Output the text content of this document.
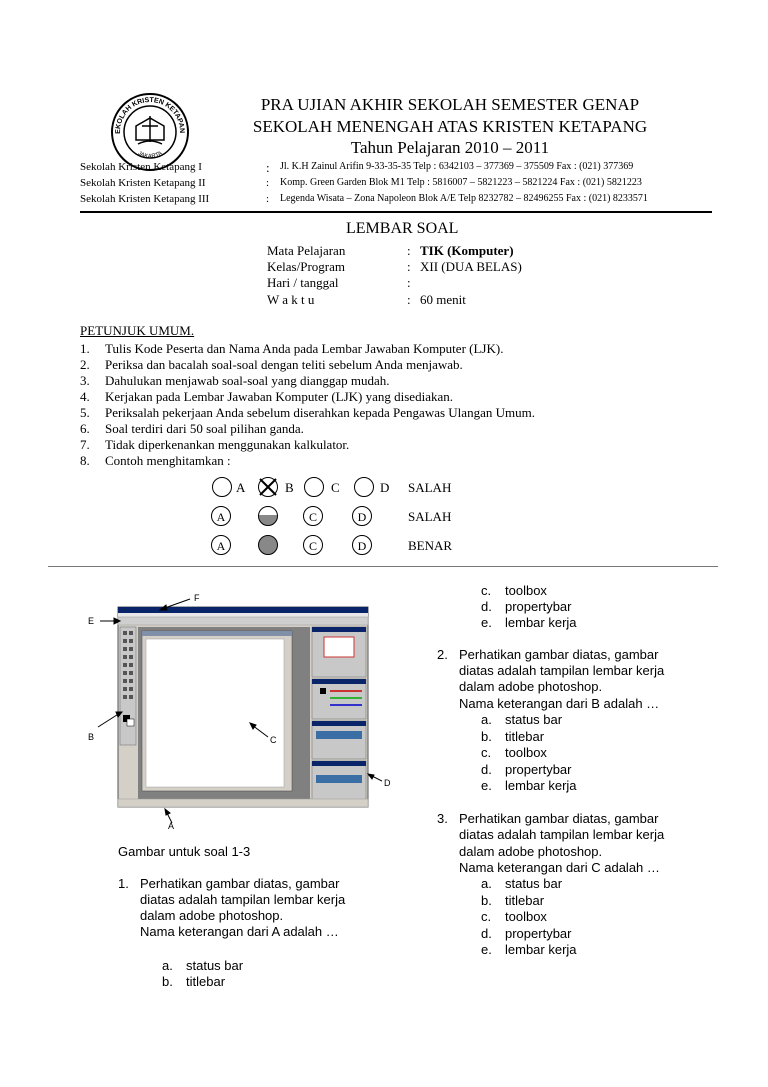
EKOLAH KRISTEN KETAPAN
JAKARTA
PRA UJIAN AKHIR SEKOLAH SEMESTER GENAP
SEKOLAH MENENGAH ATAS KRISTEN KETAPANG
Tahun Pelajaran 2010 – 2011
Sekolah Kristen Ketapang I	: Jl. K.H Zainul Arifin 9-33-35-35 Telp : 6342103 – 377369 – 375509 Fax : (021) 377369
Sekolah Kristen Ketapang II	: Komp. Green Garden Blok M1 Telp : 5816007 – 5821223 – 5821224 Fax : (021) 5821223
Sekolah Kristen Ketapang III	: Legenda Wisata – Zona Napoleon Blok A/E Telp 8232782 – 82496255 Fax : (021) 8233571
LEMBAR SOAL
Mata Pelajaran	: TIK (Komputer)
Kelas/Program	: XII (DUA BELAS)
Hari / tanggal	:
W a k t u	: 60 menit
PETUNJUK UMUM.
1. Tulis Kode Peserta dan Nama Anda pada Lembar Jawaban Komputer (LJK).
2. Periksa dan bacalah soal-soal dengan teliti sebelum Anda menjawab.
3. Dahulukan menjawab soal-soal yang dianggap mudah.
4. Kerjakan pada Lembar Jawaban Komputer (LJK) yang disediakan.
5. Periksalah pekerjaan Anda sebelum diserahkan kepada Pengawas Ulangan Umum.
6. Soal terdiri dari 50 soal pilihan ganda.
7. Tidak diperkenankan menggunakan kalkulator.
8. Contoh menghitamkan :
A	B	C	D SALAH
A	C	D	SALAH
A	C	D	BENAR
F
E
B	C
D
A
Gambar untuk soal 1-3
1. Perhatikan gambar diatas, gambar
diatas adalah tampilan lembar kerja
dalam adobe photoshop.
Nama keterangan dari A adalah …
a. status bar
b. titlebar
c. toolbox
d. propertybar
e. lembar kerja
2. Perhatikan gambar diatas, gambar
diatas adalah tampilan lembar kerja
dalam adobe photoshop.
Nama keterangan dari B adalah …
a. status bar
b. titlebar
c. toolbox
d. propertybar
e. lembar kerja
3. Perhatikan gambar diatas, gambar
diatas adalah tampilan lembar kerja
dalam adobe photoshop.
Nama keterangan dari C adalah …
a. status bar
b. titlebar
c. toolbox
d. propertybar
e. lembar kerja
